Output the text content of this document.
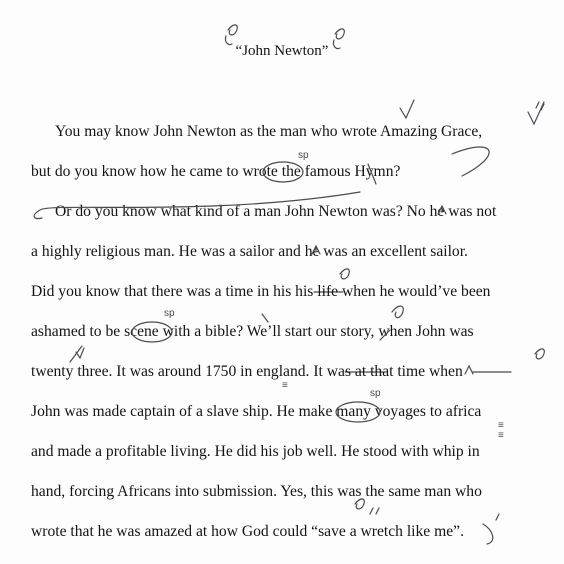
“John Newton”
You may know John Newton as the man who wrote Amazing Grace,
but do you know how he came to wrote the famous Hymn?
Or do you know what kind of a man John Newton was? No he was not
a highly religious man. He was a sailor and he was an excellent sailor.
Did you know that there was a time in his his life when he would’ve been
ashamed to be scene with a bible? We’ll start our story, when John was
twenty three. It was around 1750 in england. It was at that time when
John was made captain of a slave ship. He make many voyages to africa
and made a profitable living. He did his job well. He stood with whip in
hand, forcing Africans into submission. Yes, this was the same man who
wrote that he was amazed at how God could “save a wretch like me”.
sp
sp
≡
sp
≡
≡
